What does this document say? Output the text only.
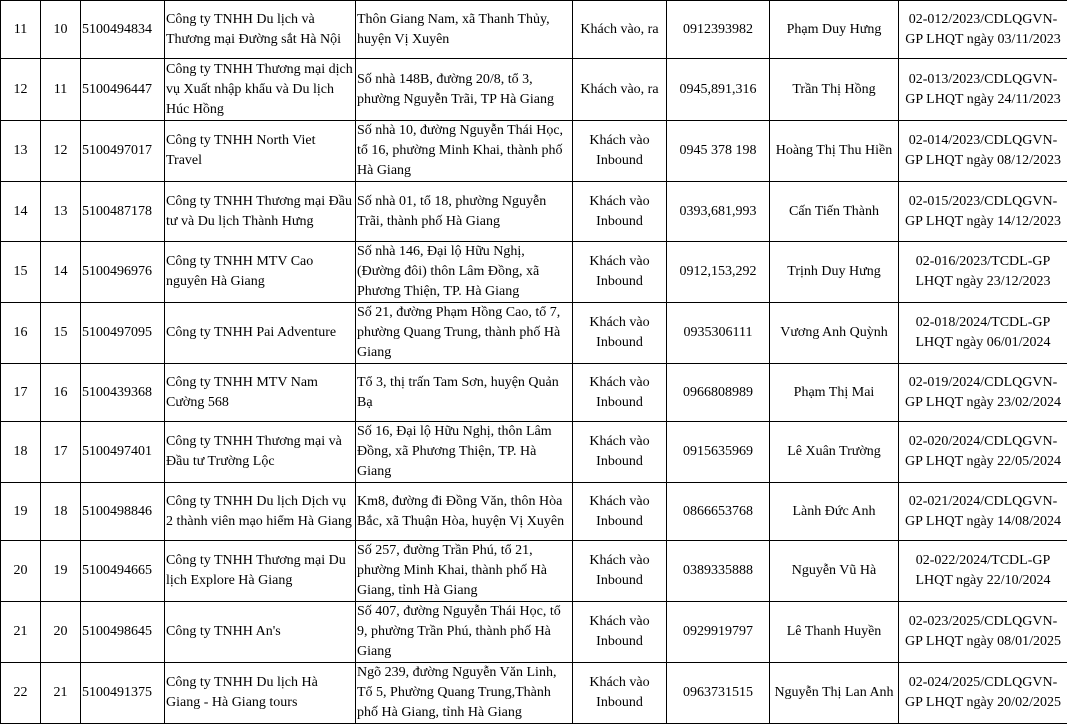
11	10	5100494834	Công ty TNHH Du lịch và Thương mại Đường sắt Hà Nội	Thôn Giang Nam, xã Thanh Thủy, huyện Vị Xuyên	Khách vào, ra	0912393982	Phạm Duy Hưng	02-012/2023/CDLQGVN-GP LHQT ngày 03/11/2023
12	11	5100496447	Công ty TNHH Thương mại dịch vụ Xuất nhập khẩu và Du lịch Húc Hồng	Số nhà 148B, đường 20/8, tổ 3, phường Nguyễn Trãi, TP Hà Giang	Khách vào, ra	0945,891,316	Trần Thị Hồng	02-013/2023/CDLQGVN-GP LHQT ngày 24/11/2023
13	12	5100497017	Công ty TNHH North Viet Travel	Số nhà 10, đường Nguyễn Thái Học, tổ 16, phường Minh Khai, thành phố Hà Giang	Khách vào Inbound	0945 378 198	Hoàng Thị Thu Hiền	02-014/2023/CDLQGVN-GP LHQT ngày 08/12/2023
14	13	5100487178	Công ty TNHH Thương mại Đầu tư và Du lịch Thành Hưng	Số nhà 01, tổ 18, phường Nguyễn Trãi, thành phố Hà Giang	Khách vào Inbound	0393,681,993	Cấn Tiến Thành	02-015/2023/CDLQGVN-GP LHQT ngày 14/12/2023
15	14	5100496976	Công ty TNHH MTV Cao nguyên Hà Giang	Số nhà 146, Đại lộ Hữu Nghị, (Đường đôi) thôn Lâm Đồng, xã Phương Thiện, TP. Hà Giang	Khách vào Inbound	0912,153,292	Trịnh Duy Hưng	02-016/2023/TCDL-GP LHQT ngày 23/12/2023
16	15	5100497095	Công ty TNHH Pai Adventure	Số 21, đường Phạm Hồng Cao, tổ 7, phường Quang Trung, thành phố Hà Giang	Khách vào Inbound	0935306111	Vương Anh Quỳnh	02-018/2024/TCDL-GP LHQT ngày 06/01/2024
17	16	5100439368	Công ty TNHH MTV Nam Cường 568	Tổ 3, thị trấn Tam Sơn, huyện Quản Bạ	Khách vào Inbound	0966808989	Phạm Thị Mai	02-019/2024/CDLQGVN-GP LHQT ngày 23/02/2024
18	17	5100497401	Công ty TNHH Thương mại và Đầu tư Trường Lộc	Số 16, Đại lộ Hữu Nghị, thôn Lâm Đồng, xã Phương Thiện, TP. Hà Giang	Khách vào Inbound	0915635969	Lê Xuân Trường	02-020/2024/CDLQGVN-GP LHQT ngày 22/05/2024
19	18	5100498846	Công ty TNHH Du lịch Dịch vụ 2 thành viên mạo hiểm Hà Giang	Km8, đường đi Đồng Văn, thôn Hòa Bắc, xã Thuận Hòa, huyện Vị Xuyên	Khách vào Inbound	0866653768	Lành Đức Anh	02-021/2024/CDLQGVN-GP LHQT ngày 14/08/2024
20	19	5100494665	Công ty TNHH Thương mại Du lịch Explore Hà Giang	Số 257, đường Trần Phú, tổ 21, phường Minh Khai, thành phố Hà Giang, tỉnh Hà Giang	Khách vào Inbound	0389335888	Nguyễn Vũ Hà	02-022/2024/TCDL-GP LHQT ngày 22/10/2024
21	20	5100498645	Công ty TNHH An's	Số 407, đường Nguyễn Thái Học, tổ 9, phường Trần Phú, thành phố Hà Giang	Khách vào Inbound	0929919797	Lê Thanh Huyền	02-023/2025/CDLQGVN-GP LHQT ngày 08/01/2025
22	21	5100491375	Công ty TNHH Du lịch Hà Giang - Hà Giang tours	Ngõ 239, đường Nguyễn Văn Linh, Tổ 5, Phường Quang Trung,Thành phố Hà Giang, tỉnh Hà Giang	Khách vào Inbound	0963731515	Nguyễn Thị Lan Anh	02-024/2025/CDLQGVN-GP LHQT ngày 20/02/2025
